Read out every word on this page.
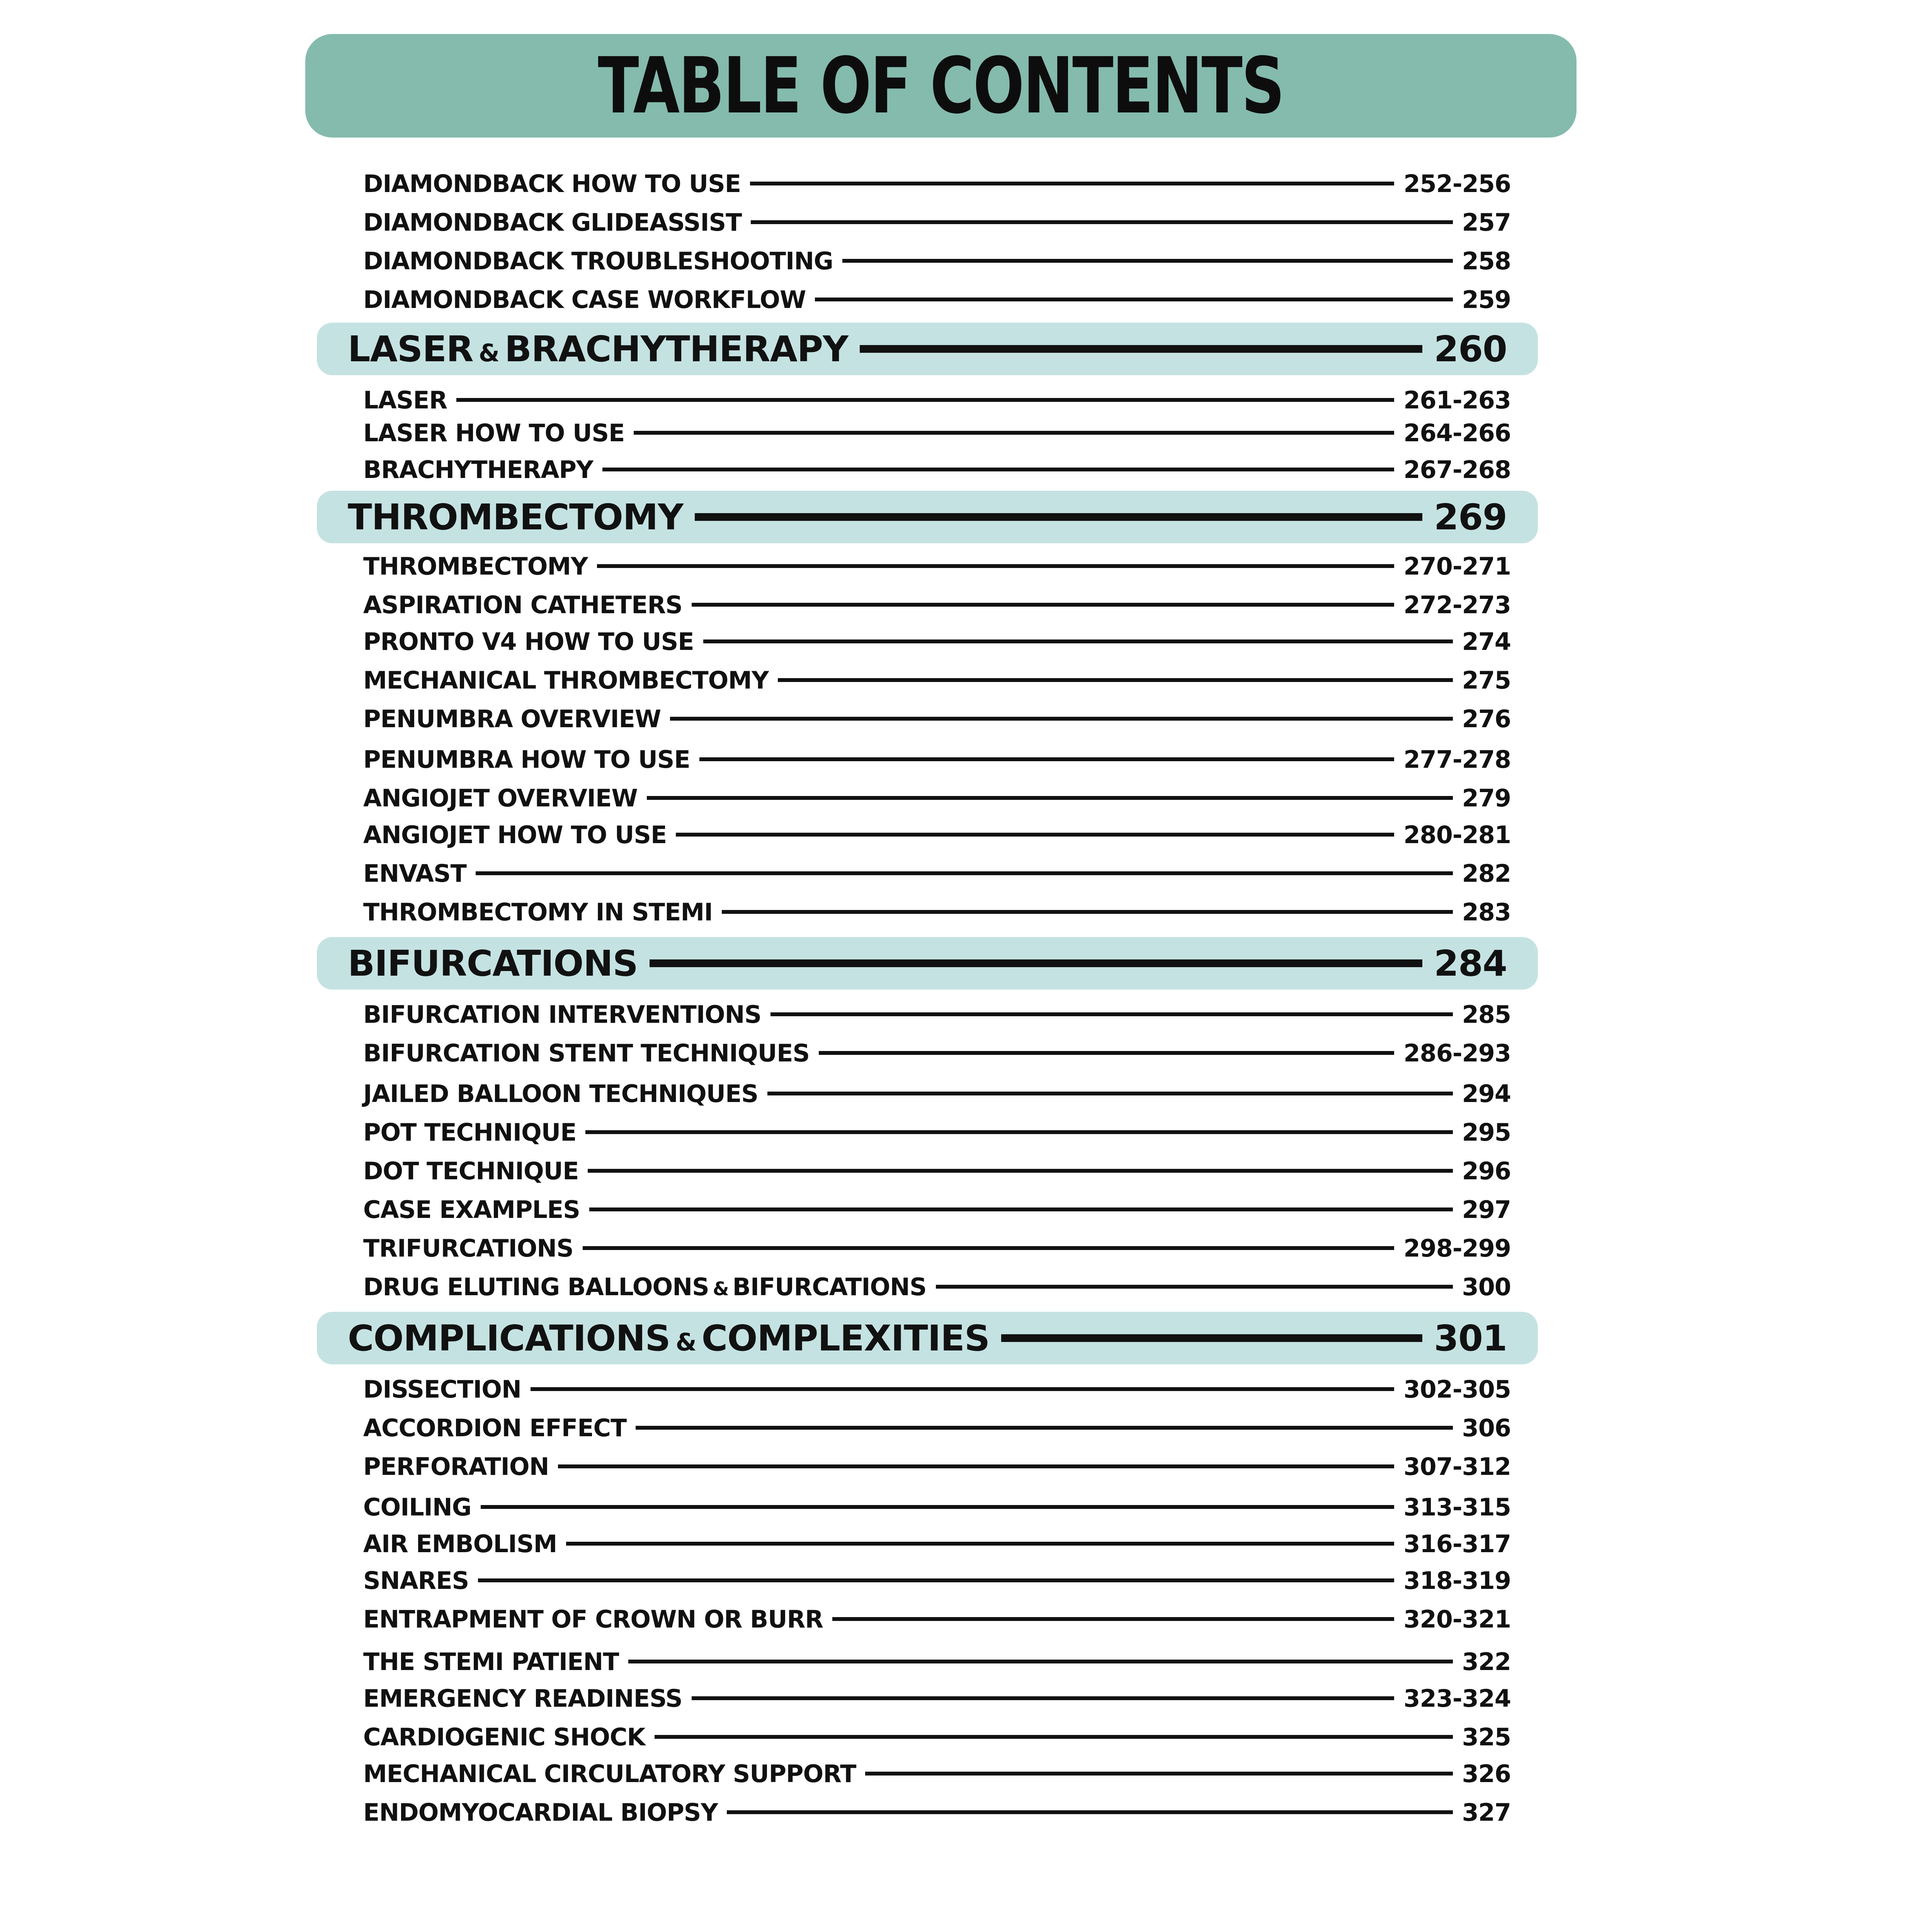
TABLE OF CONTENTS
DIAMONDBACK HOW TO USE	252-256
DIAMONDBACK GLIDEASSIST	257
DIAMONDBACK TROUBLESHOOTING	258
DIAMONDBACK CASE WORKFLOW	259
LASER & BRACHYTHERAPY	260
LASER	261-263
LASER HOW TO USE	264-266
BRACHYTHERAPY	267-268
THROMBECTOMY	269
THROMBECTOMY	270-271
ASPIRATION CATHETERS	272-273
PRONTO V4 HOW TO USE	274
MECHANICAL THROMBECTOMY	275
PENUMBRA OVERVIEW	276
PENUMBRA HOW TO USE	277-278
ANGIOJET OVERVIEW	279
ANGIOJET HOW TO USE	280-281
ENVAST	282
THROMBECTOMY IN STEMI	283
BIFURCATIONS	284
BIFURCATION INTERVENTIONS	285
BIFURCATION STENT TECHNIQUES	286-293
JAILED BALLOON TECHNIQUES	294
POT TECHNIQUE	295
DOT TECHNIQUE	296
CASE EXAMPLES	297
TRIFURCATIONS	298-299
DRUG ELUTING BALLOONS & BIFURCATIONS	300
COMPLICATIONS & COMPLEXITIES	301
DISSECTION	302-305
ACCORDION EFFECT	306
PERFORATION	307-312
COILING	313-315
AIR EMBOLISM	316-317
SNARES	318-319
ENTRAPMENT OF CROWN OR BURR	320-321
THE STEMI PATIENT	322
EMERGENCY READINESS	323-324
CARDIOGENIC SHOCK	325
MECHANICAL CIRCULATORY SUPPORT	326
ENDOMYOCARDIAL BIOPSY	327
